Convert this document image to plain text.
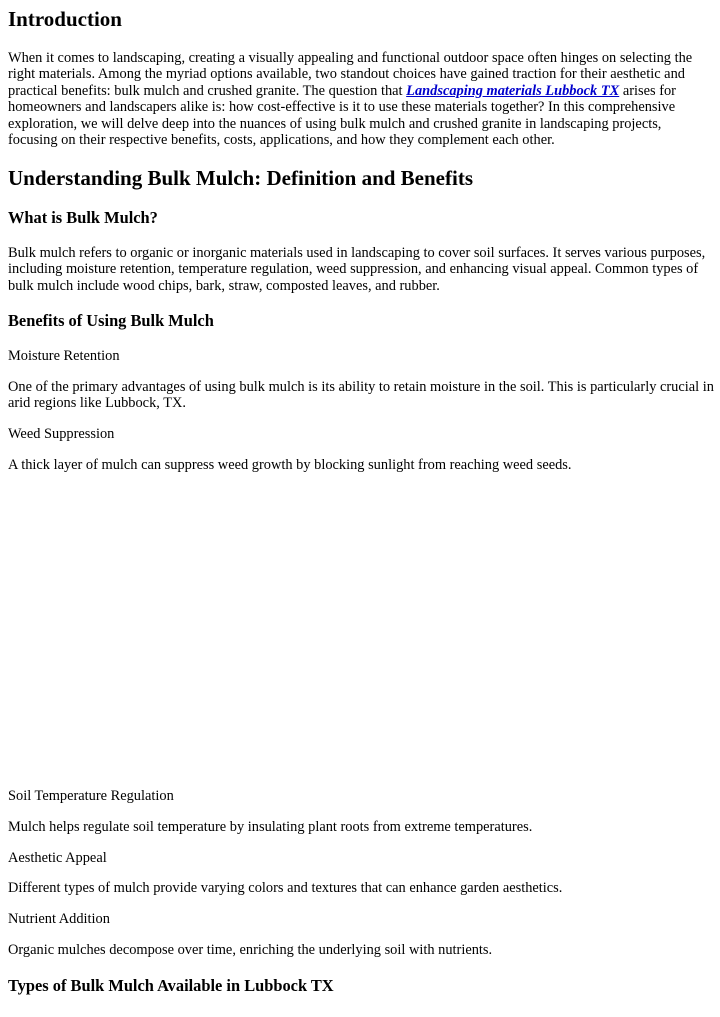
Introduction

When it comes to landscaping, creating a visually appealing and functional outdoor space often hinges on selecting the right materials. Among the myriad options available, two standout choices have gained traction for their aesthetic and practical benefits: bulk mulch and crushed granite. The question that Landscaping materials Lubbock TX arises for homeowners and landscapers alike is: how cost-effective is it to use these materials together? In this comprehensive exploration, we will delve deep into the nuances of using bulk mulch and crushed granite in landscaping projects, focusing on their respective benefits, costs, applications, and how they complement each other.

Understanding Bulk Mulch: Definition and Benefits
What is Bulk Mulch?

Bulk mulch refers to organic or inorganic materials used in landscaping to cover soil surfaces. It serves various purposes, including moisture retention, temperature regulation, weed suppression, and enhancing visual appeal. Common types of bulk mulch include wood chips, bark, straw, composted leaves, and rubber.

Benefits of Using Bulk Mulch

Moisture Retention

One of the primary advantages of using bulk mulch is its ability to retain moisture in the soil. This is particularly crucial in arid regions like Lubbock, TX.

Weed Suppression

A thick layer of mulch can suppress weed growth by blocking sunlight from reaching weed seeds.

Soil Temperature Regulation

Mulch helps regulate soil temperature by insulating plant roots from extreme temperatures.

Aesthetic Appeal

Different types of mulch provide varying colors and textures that can enhance garden aesthetics.

Nutrient Addition

Organic mulches decompose over time, enriching the underlying soil with nutrients.

Types of Bulk Mulch Available in Lubbock TX
